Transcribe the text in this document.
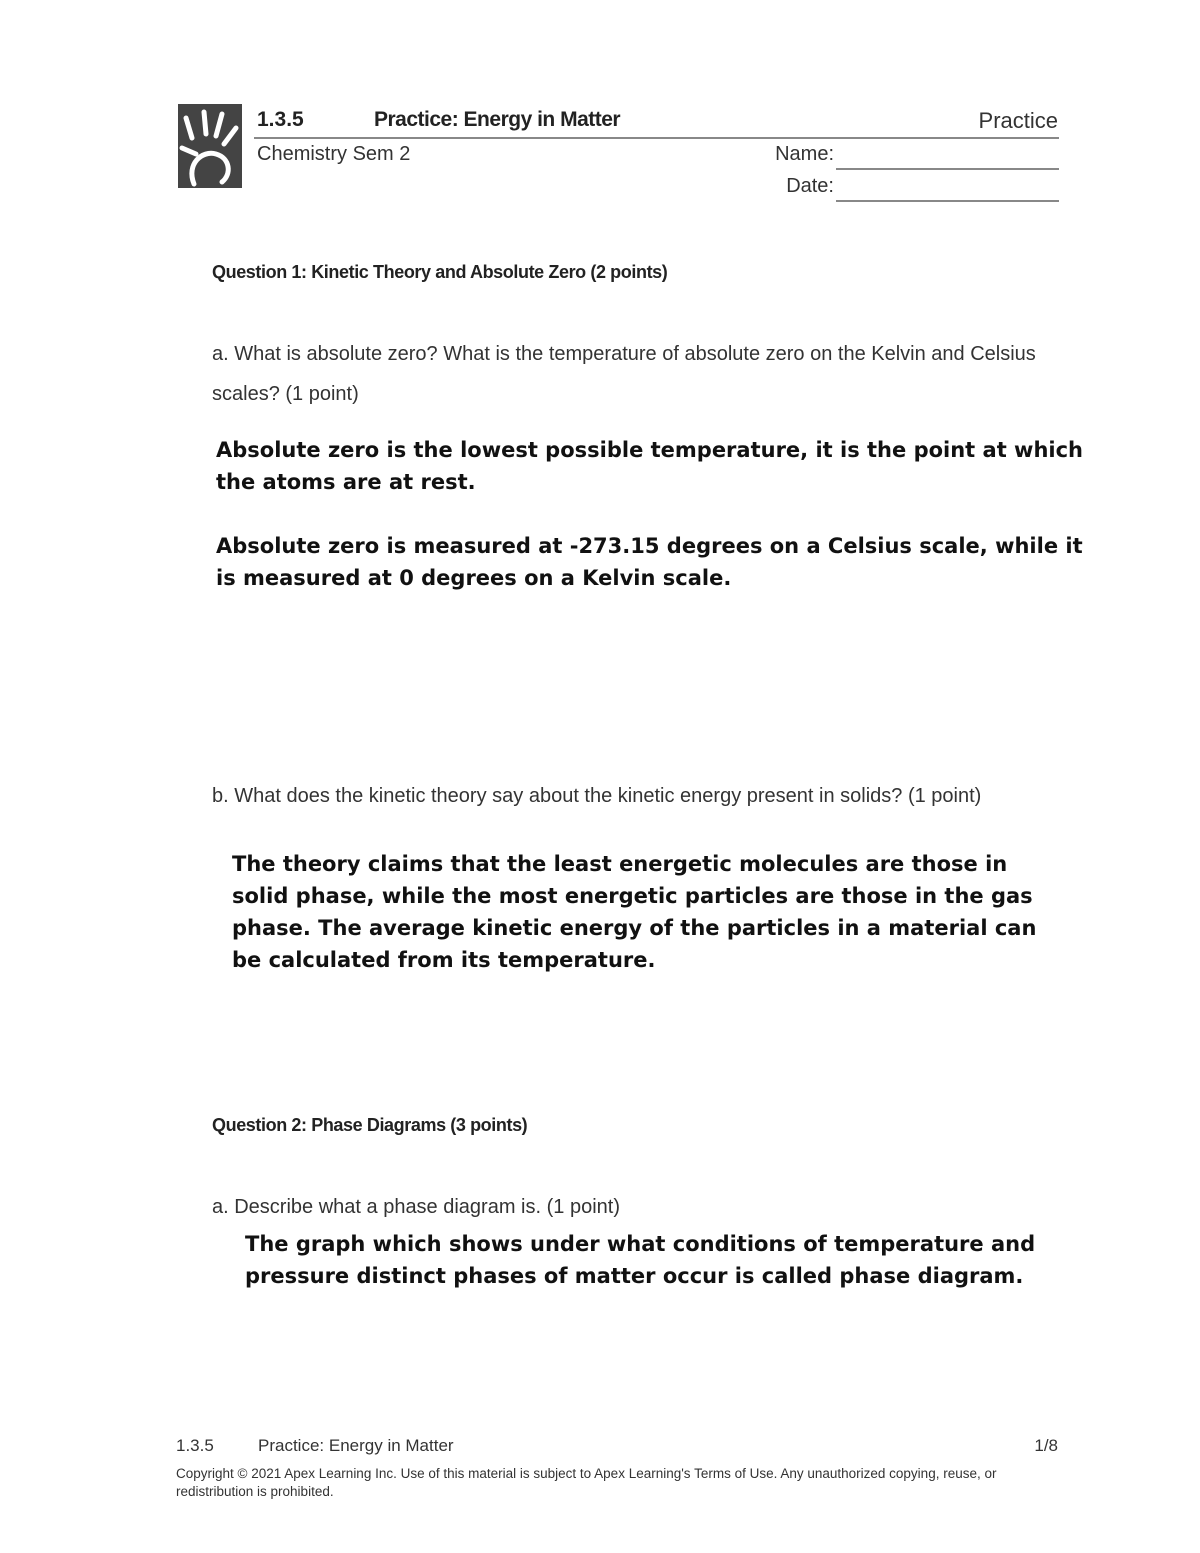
1.3.5	Practice: Energy in Matter	Practice
Chemistry Sem 2	Name:
Date:
Question 1: Kinetic Theory and Absolute Zero (2 points)
a. What is absolute zero? What is the temperature of absolute zero on the Kelvin and Celsius scales? (1 point)
Absolute zero is the lowest possible temperature, it is the point at which the atoms are at rest.
Absolute zero is measured at -273.15 degrees on a Celsius scale, while it is measured at 0 degrees on a Kelvin scale.
b. What does the kinetic theory say about the kinetic energy present in solids? (1 point)
The theory claims that the least energetic molecules are those in solid phase, while the most energetic particles are those in the gas phase. The average kinetic energy of the particles in a material can be calculated from its temperature.
Question 2: Phase Diagrams (3 points)
a. Describe what a phase diagram is. (1 point)
The graph which shows under what conditions of temperature and pressure distinct phases of matter occur is called phase diagram.
1.3.5	Practice: Energy in Matter	1/8
Copyright © 2021 Apex Learning Inc. Use of this material is subject to Apex Learning's Terms of Use. Any unauthorized copying, reuse, or redistribution is prohibited.
